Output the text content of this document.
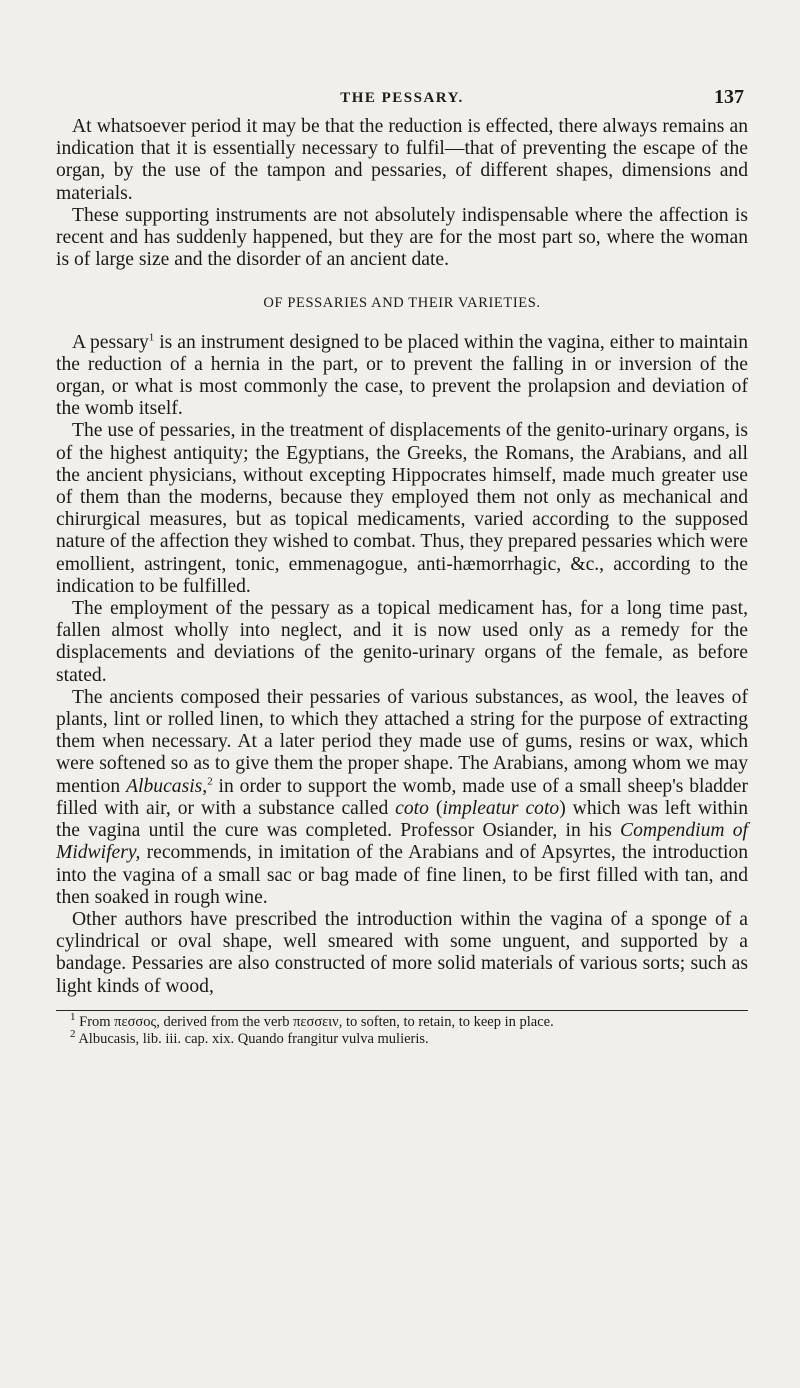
THE PESSARY.	137

At whatsoever period it may be that the reduction is effected, there always remains an indication that it is essentially necessary to fulfil—that of preventing the escape of the organ, by the use of the tampon and pessaries, of different shapes, dimensions and materials.

These supporting instruments are not absolutely indispensable where the affection is recent and has suddenly happened, but they are for the most part so, where the woman is of large size and the disorder of an ancient date.

OF PESSARIES AND THEIR VARIETIES.

A pessary$^1$ is an instrument designed to be placed within the vagina, either to maintain the reduction of a hernia in the part, or to prevent the falling in or inversion of the organ, or what is most commonly the case, to prevent the prolapsion and deviation of the womb itself.

The use of pessaries, in the treatment of displacements of the genito-urinary organs, is of the highest antiquity; the Egyptians, the Greeks, the Romans, the Arabians, and all the ancient physicians, without excepting Hippocrates himself, made much greater use of them than the moderns, because they employed them not only as mechanical and chirurgical measures, but as topical medicaments, varied according to the supposed nature of the affection they wished to combat. Thus, they prepared pessaries which were emollient, astringent, tonic, emmenagogue, anti-hæmorrhagic, &c., according to the indication to be fulfilled.

The employment of the pessary as a topical medicament has, for a long time past, fallen almost wholly into neglect, and it is now used only as a remedy for the displacements and deviations of the genito-urinary organs of the female, as before stated.

The ancients composed their pessaries of various substances, as wool, the leaves of plants, lint or rolled linen, to which they attached a string for the purpose of extracting them when necessary. At a later period they made use of gums, resins or wax, which were softened so as to give them the proper shape. The Arabians, among whom we may mention Albucasis,$^2$ in order to support the womb, made use of a small sheep's bladder filled with air, or with a substance called coto (impleatur coto) which was left within the vagina until the cure was completed. Professor Osiander, in his Compendium of Midwifery, recommends, in imitation of the Arabians and of Apsyrtes, the introduction into the vagina of a small sac or bag made of fine linen, to be first filled with tan, and then soaked in rough wine.

Other authors have prescribed the introduction within the vagina of a sponge of a cylindrical or oval shape, well smeared with some unguent, and supported by a bandage. Pessaries are also constructed of more solid materials of various sorts; such as light kinds of wood,

$^1$ From πεσσος, derived from the verb πεσσειν, to soften, to retain, to keep in place.

$^2$ Albucasis, lib. iii. cap. xix. Quando frangitur vulva mulieris.
